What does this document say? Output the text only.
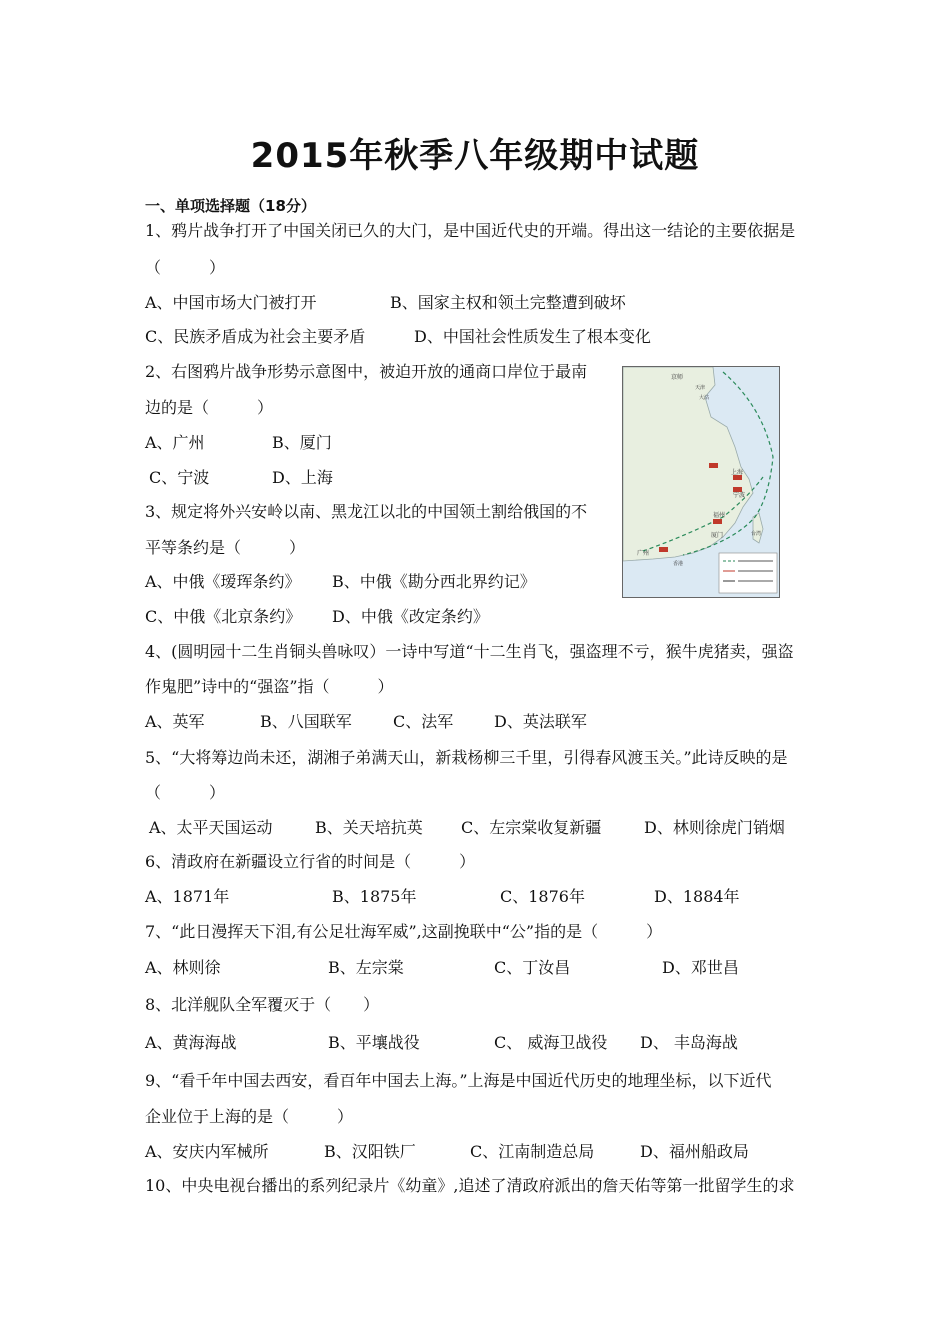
2015年秋季八年级期中试题
一、单项选择题（18分）
1、鸦片战争打开了中国关闭已久的大门，是中国近代史的开端。得出这一结论的主要依据是
（　　　）
A、中国市场大门被打开	B、国家主权和领土完整遭到破坏
C、民族矛盾成为社会主要矛盾	D、中国社会性质发生了根本变化
2、右图鸦片战争形势示意图中，被迫开放的通商口岸位于最南
边的是（　　　）
A、广州	B、厦门
C、宁波	D、上海
京师
天津
大沽
上海
宁波
厦门
福州
广州
香港
台湾
3、规定将外兴安岭以南、黑龙江以北的中国领土割给俄国的不
平等条约是（　　　）
A、中俄《瑷珲条约》 B、中俄《勘分西北界约记》
C、中俄《北京条约》 D、中俄《改定条约》
4、(圆明园十二生肖铜头兽咏叹）一诗中写道“十二生肖飞，强盗理不亏，猴牛虎猪卖，强盗
作鬼肥”诗中的“强盗”指（　　　）
A、英军	B、八国联军	C、法军	D、英法联军
5、“大将筹边尚未还，湖湘子弟满天山，新栽杨柳三千里，引得春风渡玉关。”此诗反映的是
（　　　）
A、太平天国运动	B、关天培抗英 C、左宗棠收复新疆	D、林则徐虎门销烟
6、清政府在新疆设立行省的时间是（　　　）
A、1871年	B、1875年	C、1876年	D、1884年
7、“此日漫挥天下泪,有公足壮海军威”,这副挽联中“公”指的是（　　　）
A、林则徐	B、左宗棠	C、丁汝昌	D、邓世昌
8、北洋舰队全军覆灭于（　　）
A、黄海海战	B、平壤战役	C、 威海卫战役 D、 丰岛海战
9、“看千年中国去西安，看百年中国去上海。”上海是中国近代历史的地理坐标，以下近代
企业位于上海的是（　　　）
A、安庆内军械所	B、汉阳铁厂	C、江南制造总局	D、福州船政局
10、中央电视台播出的系列纪录片《幼童》,追述了清政府派出的詹天佑等第一批留学生的求
